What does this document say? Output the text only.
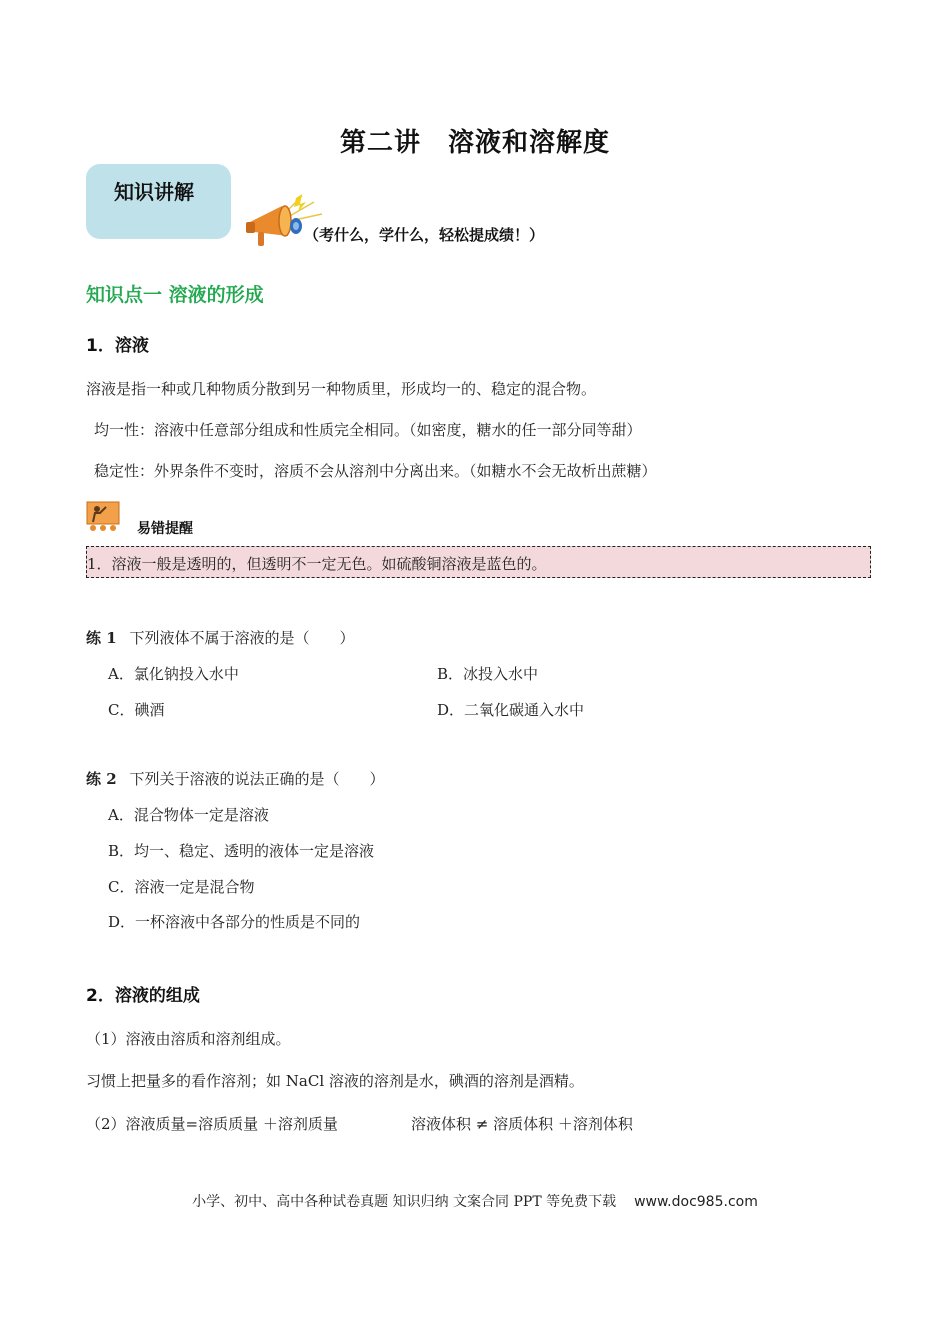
第二讲　溶液和溶解度
知识讲解
（考什么，学什么，轻松提成绩！）
知识点一 溶液的形成
1．溶液
溶液是指一种或几种物质分散到另一种物质里，形成均一的、稳定的混合物。
均一性：溶液中任意部分组成和性质完全相同。（如密度，糖水的任一部分同等甜）
稳定性：外界条件不变时，溶质不会从溶剂中分离出来。（如糖水不会无故析出蔗糖）
易错提醒
1．溶液一般是透明的，但透明不一定无色。如硫酸铜溶液是蓝色的。
练 1 下列液体不属于溶液的是（　　）
A．氯化钠投入水中	B．冰投入水中
C．碘酒	D．二氧化碳通入水中
练 2 下列关于溶液的说法正确的是（　　）
A．混合物体一定是溶液
B．均一、稳定、透明的液体一定是溶液
C．溶液一定是混合物
D．一杯溶液中各部分的性质是不同的
2．溶液的组成
（1）溶液由溶质和溶剂组成。
习惯上把量多的看作溶剂；如 NaCl 溶液的溶剂是水，碘酒的溶剂是酒精。
（2）溶液质量=溶质质量 ＋溶剂质量	溶液体积 ≠ 溶质体积 ＋溶剂体积
小学、初中、高中各种试卷真题 知识归纳 文案合同 PPT 等免费下载 www.doc985.com
